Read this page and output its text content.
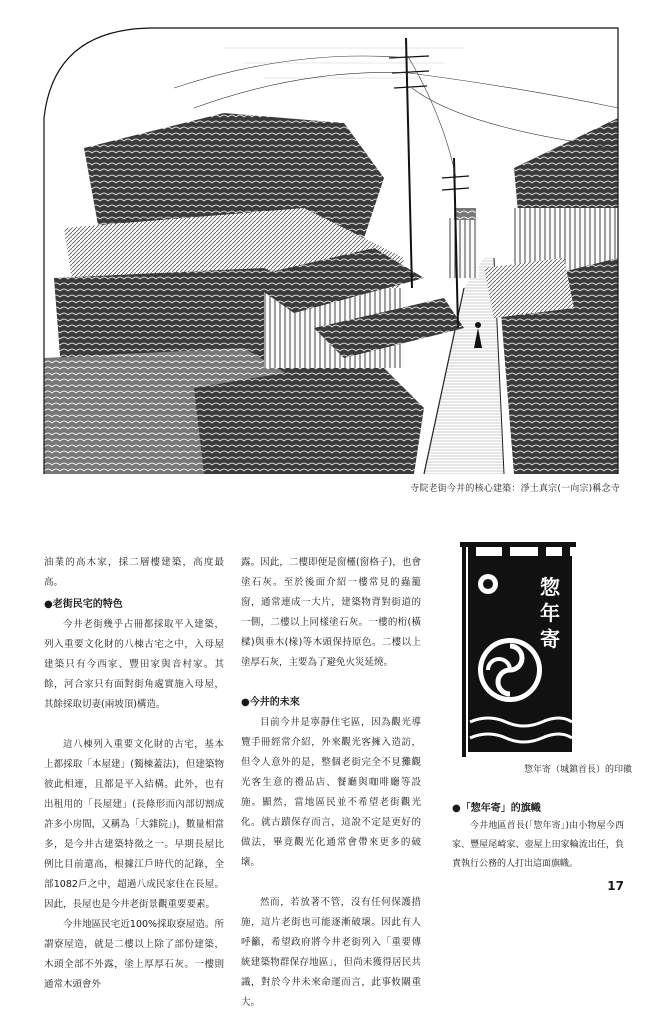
寺院老街今井的核心建築：淨土真宗(一向宗)稱念寺

油業的高木家，採二層樓建築，高度最高。

●老街民宅的特色

今井老街幾乎占冊都採取平入建築，列入重要文化財的八棟古宅之中，入母屋建築只有今西家、豐田家與音村家。其餘，河合家只有面對街角處實施入母屋，其餘採取切妻(兩坡頂)構造。

這八棟列入重要文化財的古宅，基本上都採取「本屋建」(獨棟蓋法)，但建築物彼此相連，且都是平入結構。此外，也有出租用的「長屋建」(長條形而內部切割成許多小房間，又稱為「大雜院」)，數量相當多，是今井古建築特徵之一。早期長屋比例比目前還高，根據江戶時代的記錄，全部1082戶之中，超過八成民家住在長屋。因此，長屋也是今井老街景觀重要要素。

今井地區民宅近100%採取寮屋造。所謂寮屋造，就是二樓以上除了部份建築，木頭全部不外露，塗上厚厚石灰。一樓則通常木頭會外

露。因此，二樓即便是窗欞(窗格子)，也會塗石灰。至於後面介紹一樓常見的蟲籠窗，通常連成一大片，建築物背對街道的一側，二樓以上同樣塗石灰。一樓的桁(橫樑)與垂木(椽)等木頭保持原色。二樓以上塗厚石灰，主要為了避免火災延燒。

●今井的未來

目前今井是寧靜住宅區，因為觀光導覽手冊經常介紹，外來觀光客擁入造訪，但令人意外的是，整個老街完全不見攤觀光客生意的禮品店、餐廳與咖啡廳等設施。顯然，當地區民並不希望老街觀光化。就古蹟保存而言，這說不定是更好的做法，畢竟觀光化通常會帶來更多的破壞。

然而，若放著不管，沒有任何保護措施，這片老街也可能逐漸破壞。因此有人呼籲，希望政府將今井老街列入「重要傳統建築物群保存地區」，但尚未獲得居民共識，對於今井未來命運而言，此事攸關重大。

惣
年
寄
惣年寄（城鎮首長）的印徽
●「惣年寄」的旗幟

今井地區首長(「惣年寄」)由小物屋今西家、豐屋尾崎家、壺屋上田家輪流出任，負責執行公務的人打出這面旗幟。

17
